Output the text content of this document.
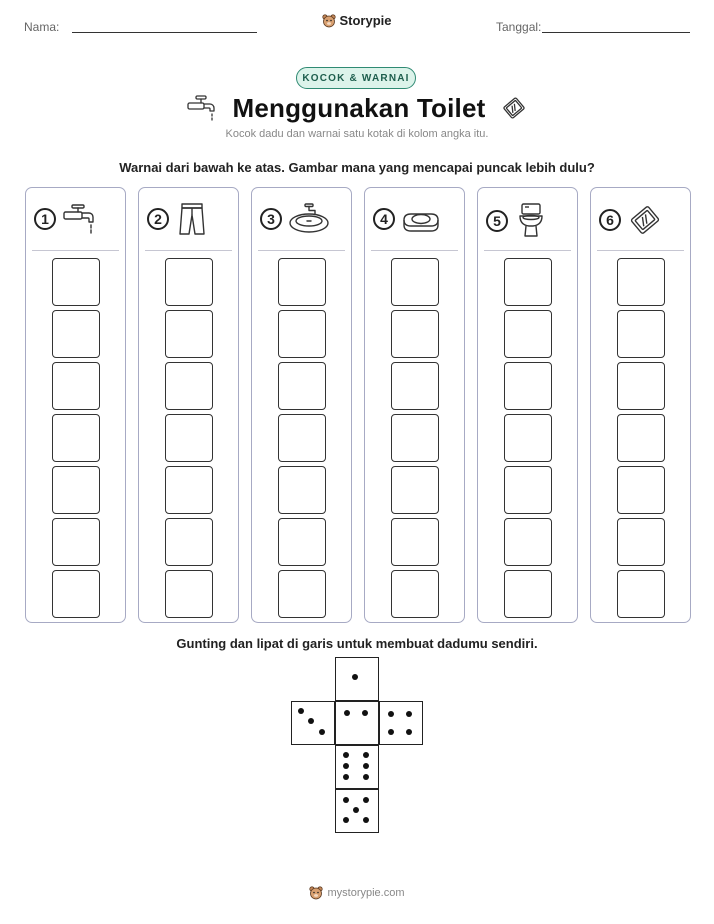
Nama:	Storypie	Tanggal:
KOCOK & WARNAI
Menggunakan Toilet
Kocok dadu dan warnai satu kotak di kolom angka itu.
Warnai dari bawah ke atas. Gambar mana yang mencapai puncak lebih dulu?
1	2	3	4	5	6
Gunting dan lipat di garis untuk membuat dadumu sendiri.
mystorypie.com
